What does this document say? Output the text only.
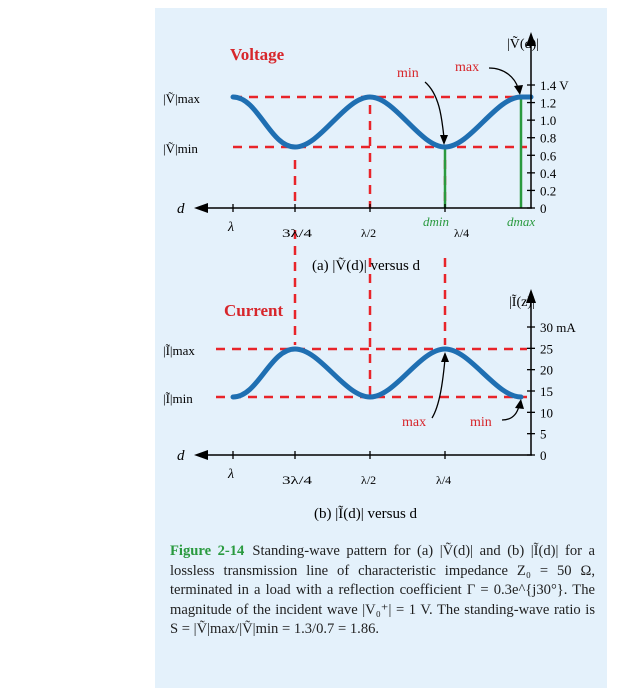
Voltage
d
λ	3λ/4	λ/2	λ/4
dmin	dmax
|Ṽ(d)|
1.4 V
1.2
1.0
0.8
0.6
0.4
0.2
0
|Ṽ|max
|Ṽ|min
min	max
(a) |Ṽ(d)| versus d
Current
d
λ	3λ/4	λ/2	λ/4
|Ĩ(z)|
30 mA
25
20
15
10
5
0
|Ĩ|max
|Ĩ|min
max	min
(b) |Ĩ(d)| versus d
Figure 2-14 Standing-wave pattern for (a) |Ṽ(d)| and (b) |Ĩ(d)| for a lossless transmission line of characteristic impedance Z₀ = 50 Ω, terminated in a load with a reflection coefficient Γ = 0.3e^{j30°}. The magnitude of the incident wave |V₀⁺| = 1 V. The standing-wave ratio is S = |Ṽ|max/|Ṽ|min = 1.3/0.7 = 1.86.
